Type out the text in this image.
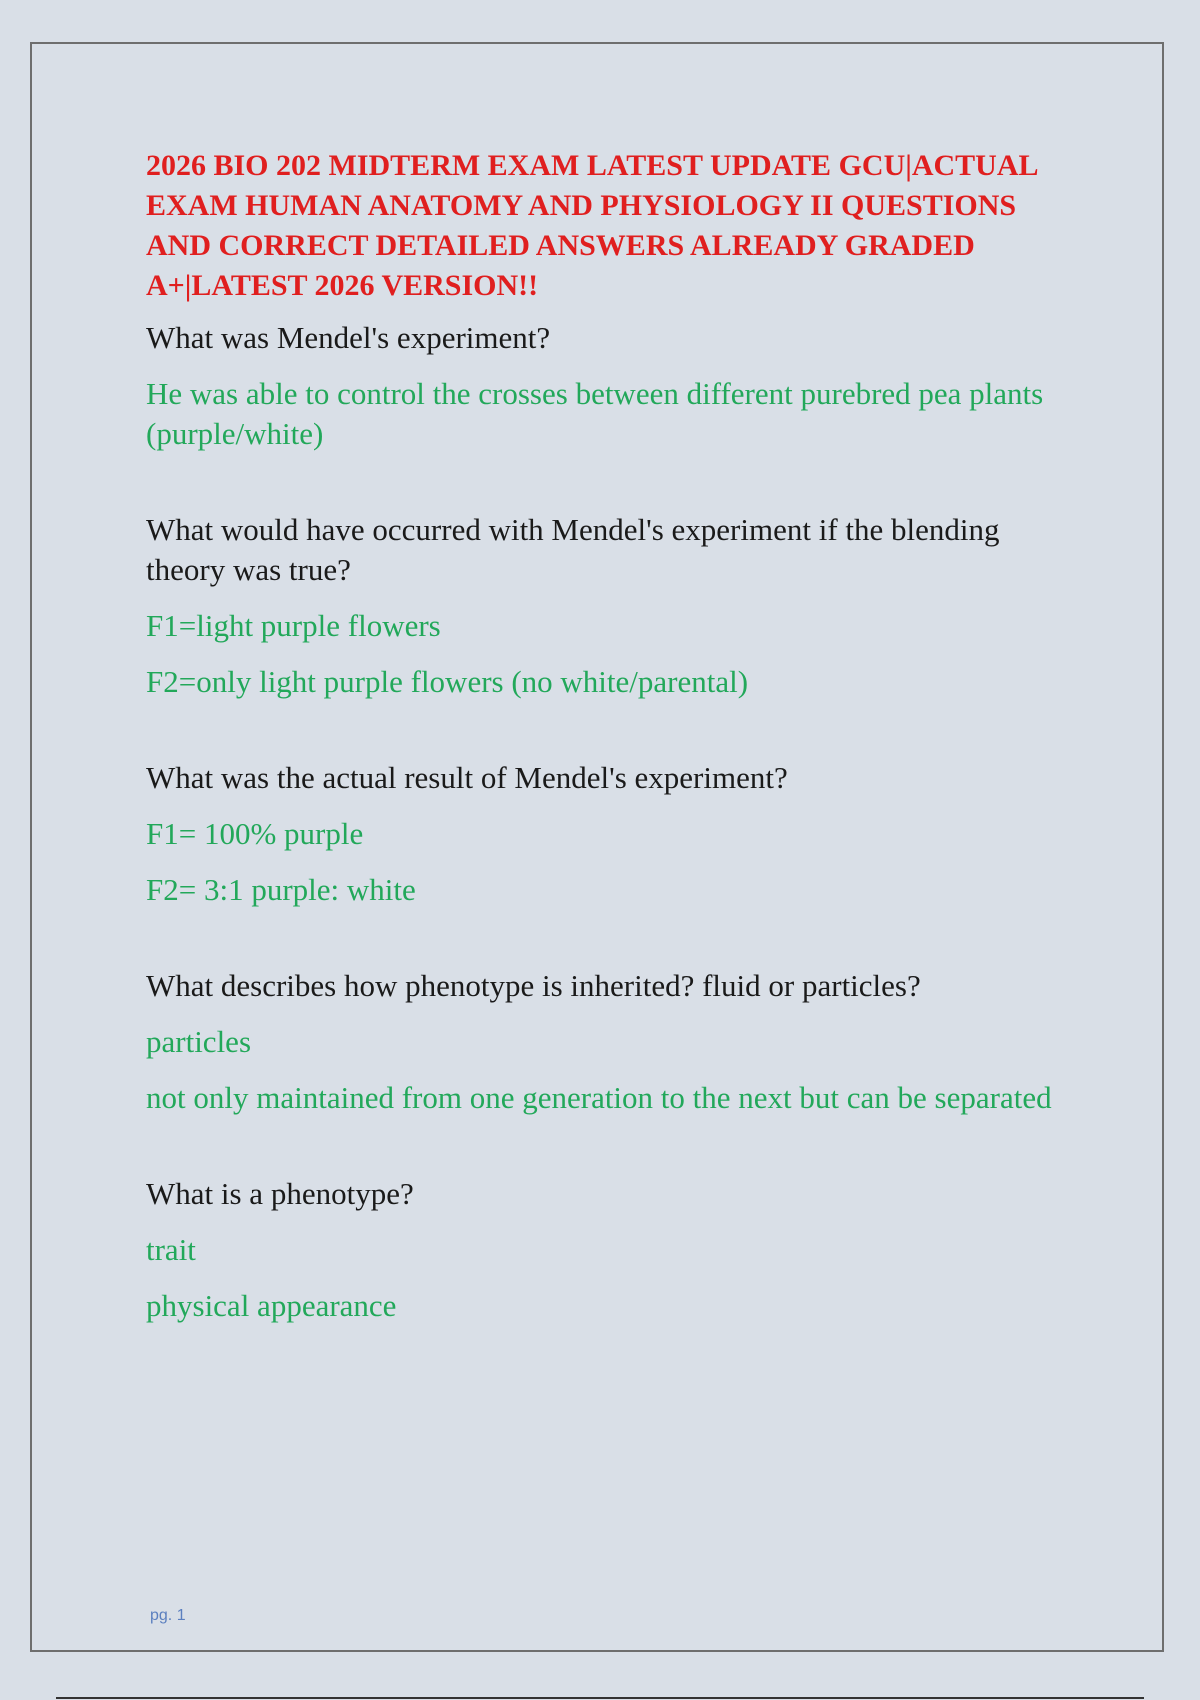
2026 BIO 202 MIDTERM EXAM LATEST UPDATE GCU|ACTUAL EXAM HUMAN ANATOMY AND PHYSIOLOGY II QUESTIONS AND CORRECT DETAILED ANSWERS ALREADY GRADED A+|LATEST 2026 VERSION!!

What was Mendel's experiment?

He was able to control the crosses between different purebred pea plants (purple/white)

What would have occurred with Mendel's experiment if the blending theory was true?

F1=light purple flowers

F2=only light purple flowers (no white/parental)

What was the actual result of Mendel's experiment?

F1= 100% purple

F2= 3:1 purple: white

What describes how phenotype is inherited? fluid or particles?

particles

not only maintained from one generation to the next but can be separated

What is a phenotype?

trait

physical appearance

pg. 1
